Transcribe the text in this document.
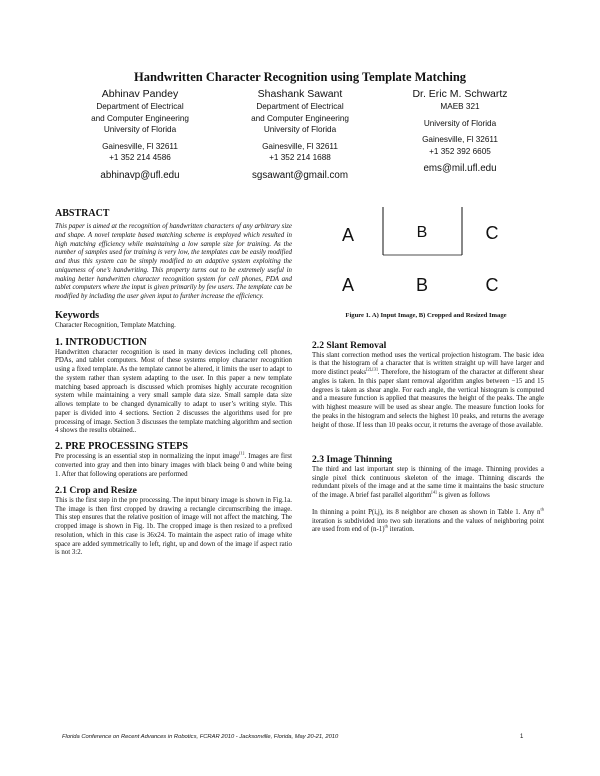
Handwritten Character Recognition using Template Matching
Abhinav Pandey
Department of Electrical
and Computer Engineering
University of Florida
Gainesville, Fl 32611
+1 352 214 4586
abhinavp@ufl.edu
Shashank Sawant
Department of Electrical
and Computer Engineering
University of Florida
Gainesville, Fl 32611
+1 352 214 1688
sgsawant@gmail.com
Dr. Eric M. Schwartz
MAEB 321
University of Florida
Gainesville, Fl 32611
+1 352 392 6605
ems@mil.ufl.edu
ABSTRACT

This paper is aimed at the recognition of handwritten characters of any arbitrary size and shape. A novel template based matching scheme is employed which resulted in high matching efficiency while maintaining a low sample size for training. As the number of samples used for training is very low, the templates can be easily modified and thus this system can be simply modified to an adaptive system exploiting the uniqueness of one’s handwriting. This property turns out to be extremely useful in making better handwritten character recognition system for cell phones, PDA and tablet computers where the input is given primarily by few users. The template can be modified by including the user given input to further increase the efficiency.

Keywords

Character Recognition, Template Matching.

1. INTRODUCTION

Handwritten character recognition is used in many devices including cell phones, PDAs, and tablet computers. Most of these systems employ character recognition using a fixed template. As the template cannot be altered, it limits the user to adapt to the system rather than system adapting to the user. In this paper a new template matching based approach is discussed which promises highly accurate recognition system while maintaining a very small sample data size. Small sample data size allows template to be changed dynamically to adapt to user’s writing style. This paper is divided into 4 sections. Section 2 discusses the algorithms used for pre processing of image. Section 3 discusses the template matching algorithm and section 4 shows the results obtained..

2. PRE PROCESSING STEPS

Pre processing is an essential step in normalizing the input image[1]. Images are first converted into gray and then into binary images with black being 0 and white being 1. After that following operations are performed

2.1 Crop and Resize

This is the first step in the pre processing. The input binary image is shown in Fig.1a. The image is then first cropped by drawing a rectangle circumscribing the image. This step ensures that the relative position of image will not affect the matching. The cropped image is shown in Fig. 1b. The cropped image is then resized to a prefixed resolution, which in this case is 36x24. To maintain the aspect ratio of image white space are added symmetrically to left, right, up and down of the image if aspect ratio is not 3:2.

A	B	C
A	B	C
Figure 1. A) Input Image, B) Cropped and Resized Image
2.2 Slant Removal

This slant correction method uses the vertical projection histogram. The basic idea is that the histogram of a character that is written straight up will have larger and more distinct peaks[2],[3]. Therefore, the histogram of the character at different shear angles is taken. In this paper slant removal algorithm angles between −15 and 15 degrees is taken as shear angle. For each angle, the vertical histogram is computed and a measure function is applied that measures the height of the peaks. The angle with highest measure will be used as shear angle. The measure function looks for the peaks in the histogram and selects the highest 10 peaks, and returns the average height of those. If less than 10 peaks occur, it returns the average of those available.

2.3 Image Thinning

The third and last important step is thinning of the image. Thinning provides a single pixel thick continuous skeleton of the image. Thinning discards the redundant pixels of the image and at the same time it maintains the basic structure of the image. A brief fast parallel algorithm[4] is given as follows

In thinning a point P(i,j), its 8 neighbor are chosen as shown in Table 1. Any $n^{th}$ iteration is subdivided into two sub iterations and the values of neighboring point are used from end of $(n-1)^{th}$ iteration.

Florida Conference on Recent Advances in Robotics, FCRAR 2010 - Jacksonville, Florida, May 20-21, 2010	1
